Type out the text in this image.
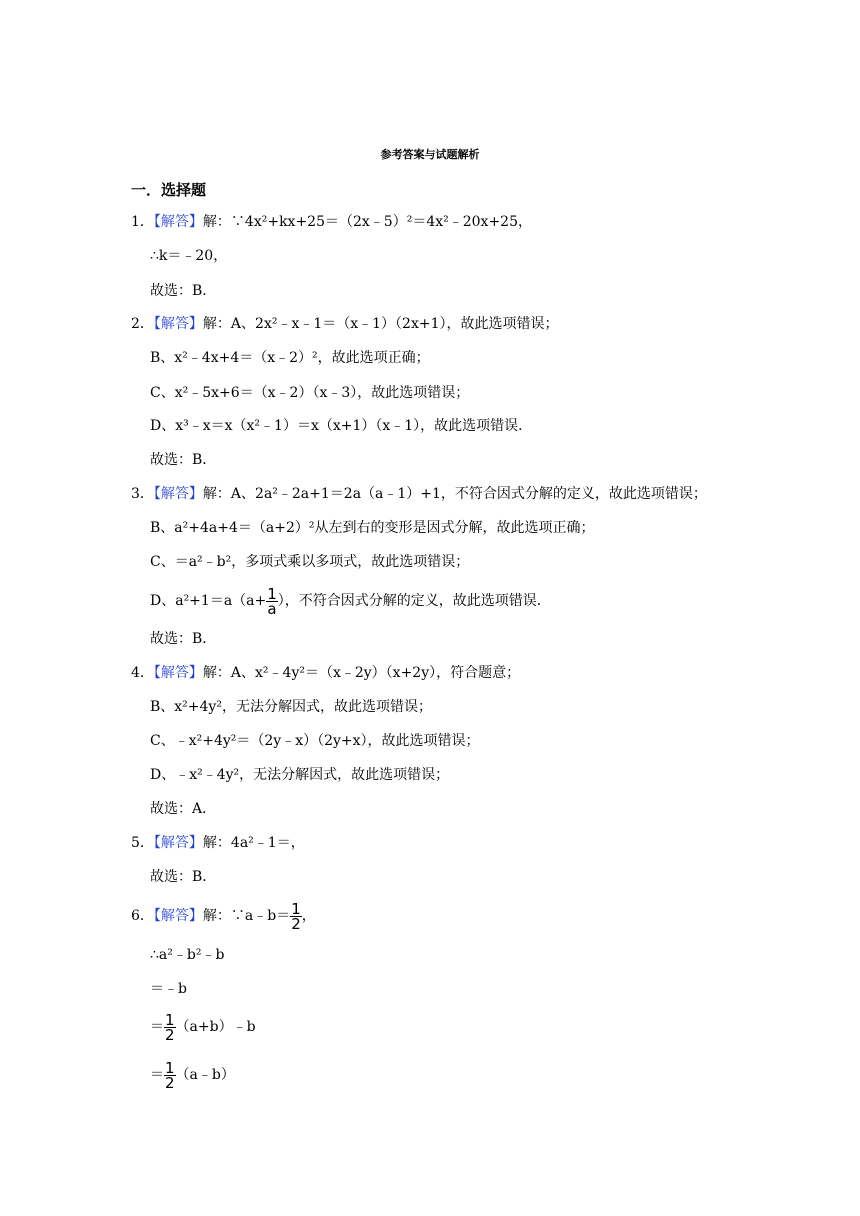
参考答案与试题解析
一．选择题
1．【解答】解：∵4x²+kx+25＝（2x﹣5）²＝4x²﹣20x+25，
∴k＝﹣20，
故选：B．
2．【解答】解：A、2x²﹣x﹣1＝（x﹣1）（2x+1），故此选项错误；
B、x²﹣4x+4＝（x﹣2）²，故此选项正确；
C、x²﹣5x+6＝（x﹣2）（x﹣3），故此选项错误；
D、x³﹣x＝x（x²﹣1）＝x（x+1）（x﹣1），故此选项错误．
故选：B．
3．【解答】解：A、2a²﹣2a+1＝2a（a﹣1）+1，不符合因式分解的定义，故此选项错误；
B、a²+4a+4＝（a+2）²从左到右的变形是因式分解，故此选项正确；
C、＝a²﹣b²，多项式乘以多项式，故此选项错误；
D、$a^2+1=a(a+ \frac{1}{a}$ ），不符合因式分解的定义，故此选项错误．
故选：B．
4．【解答】解：A、x²﹣4y²＝（x﹣2y）（x+2y），符合题意；
B、x²+4y²，无法分解因式，故此选项错误；
C、﹣x²+4y²＝（2y﹣x）（2y+x），故此选项错误；
D、﹣x²﹣4y²，无法分解因式，故此选项错误；
故选：A．
5．【解答】解：4a²﹣1＝，
故选：B．
6．【解答】解：∵a﹣b＝ $\frac{1}{2}$ ，
∴a²﹣b²﹣b
＝﹣b
＝ $\frac{1}{2}$ （a+b）﹣b
＝ $\frac{1}{2}$ （a﹣b）
